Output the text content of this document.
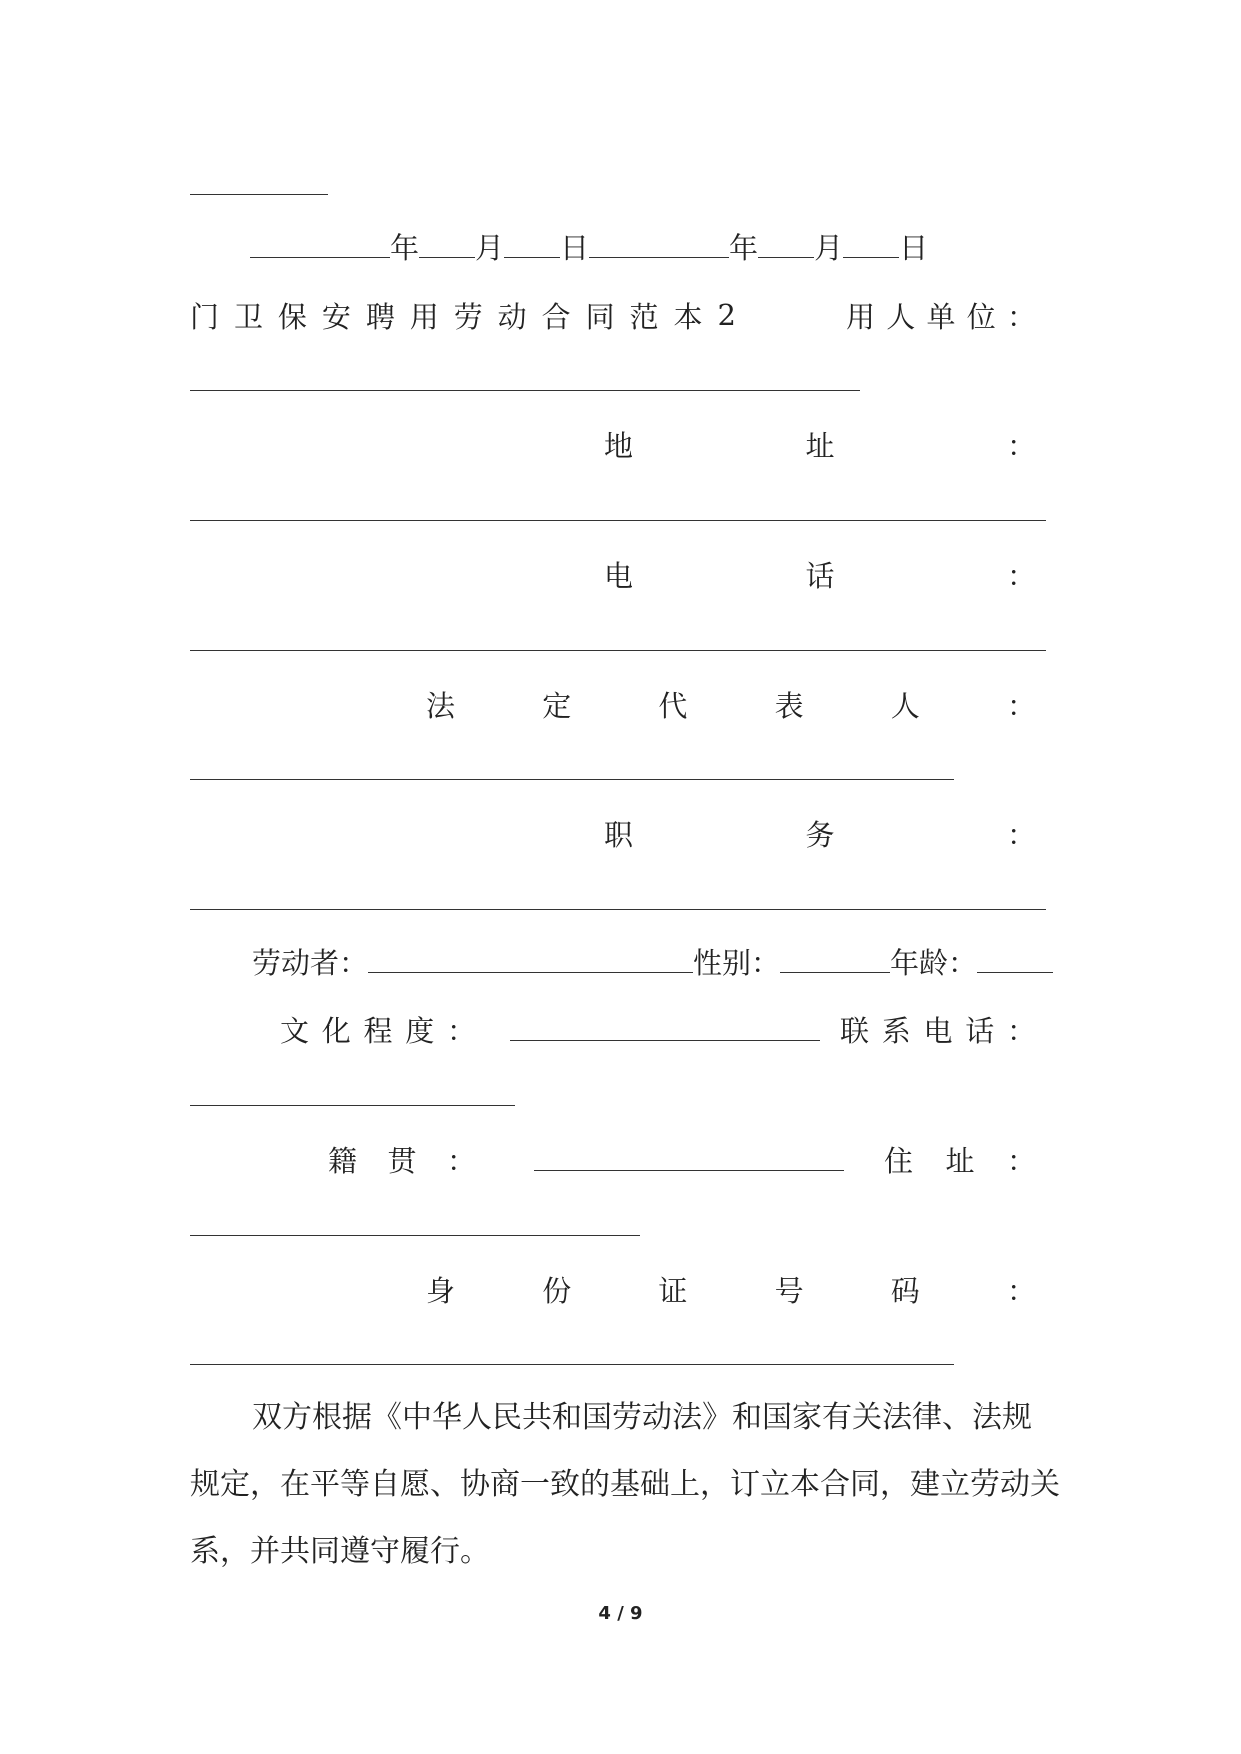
年 月 日	年 月 日
门 卫 保 安 聘 用 劳 动 合 同 范 本 2	用 人 单 位 ：
地	址	：
电	话	：
法	定	代	表	人	：
职	务	：
劳动者：	性别：	年龄：
文 化 程 度 ：	联 系 电 话 ：
籍 贯 ：	住 址 ：
身	份	证	号	码	：
双方根据《中华人民共和国劳动法》和国家有关法律、法规规定，在平等自愿、协商一致的基础上，订立本合同，建立劳动关系，并共同遵守履行。
4 / 9
